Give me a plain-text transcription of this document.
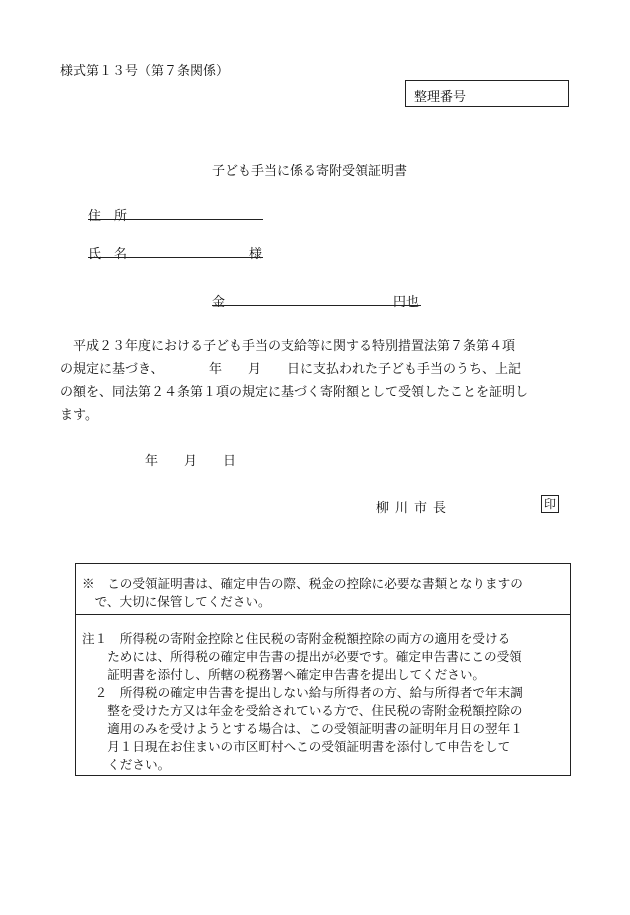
様式第１３号（第７条関係）
整理番号
子ども手当に係る寄附受領証明書
住　所
氏　名	様
金	円也
　平成２３年度における子ども手当の支給等に関する特別措置法第７条第４項
の規定に基づき、　　　　年　　月　　日に支払われた子ども手当のうち、上記
の額を、同法第２４条第１項の規定に基づく寄附額として受領したことを証明し
ます。
年　　月　　日
柳川市長	印
※　この受領証明書は、確定申告の際、税金の控除に必要な書類となりますの
　で、大切に保管してください。
注１　所得税の寄附金控除と住民税の寄附金税額控除の両方の適用を受ける
　　ためには、所得税の確定申告書の提出が必要です。確定申告書にこの受領
　　証明書を添付し、所轄の税務署へ確定申告書を提出してください。
　２　所得税の確定申告書を提出しない給与所得者の方、給与所得者で年末調
　　整を受けた方又は年金を受給されている方で、住民税の寄附金税額控除の
　　適用のみを受けようとする場合は、この受領証明書の証明年月日の翌年１
　　月１日現在お住まいの市区町村へこの受領証明書を添付して申告をして
　　ください。
